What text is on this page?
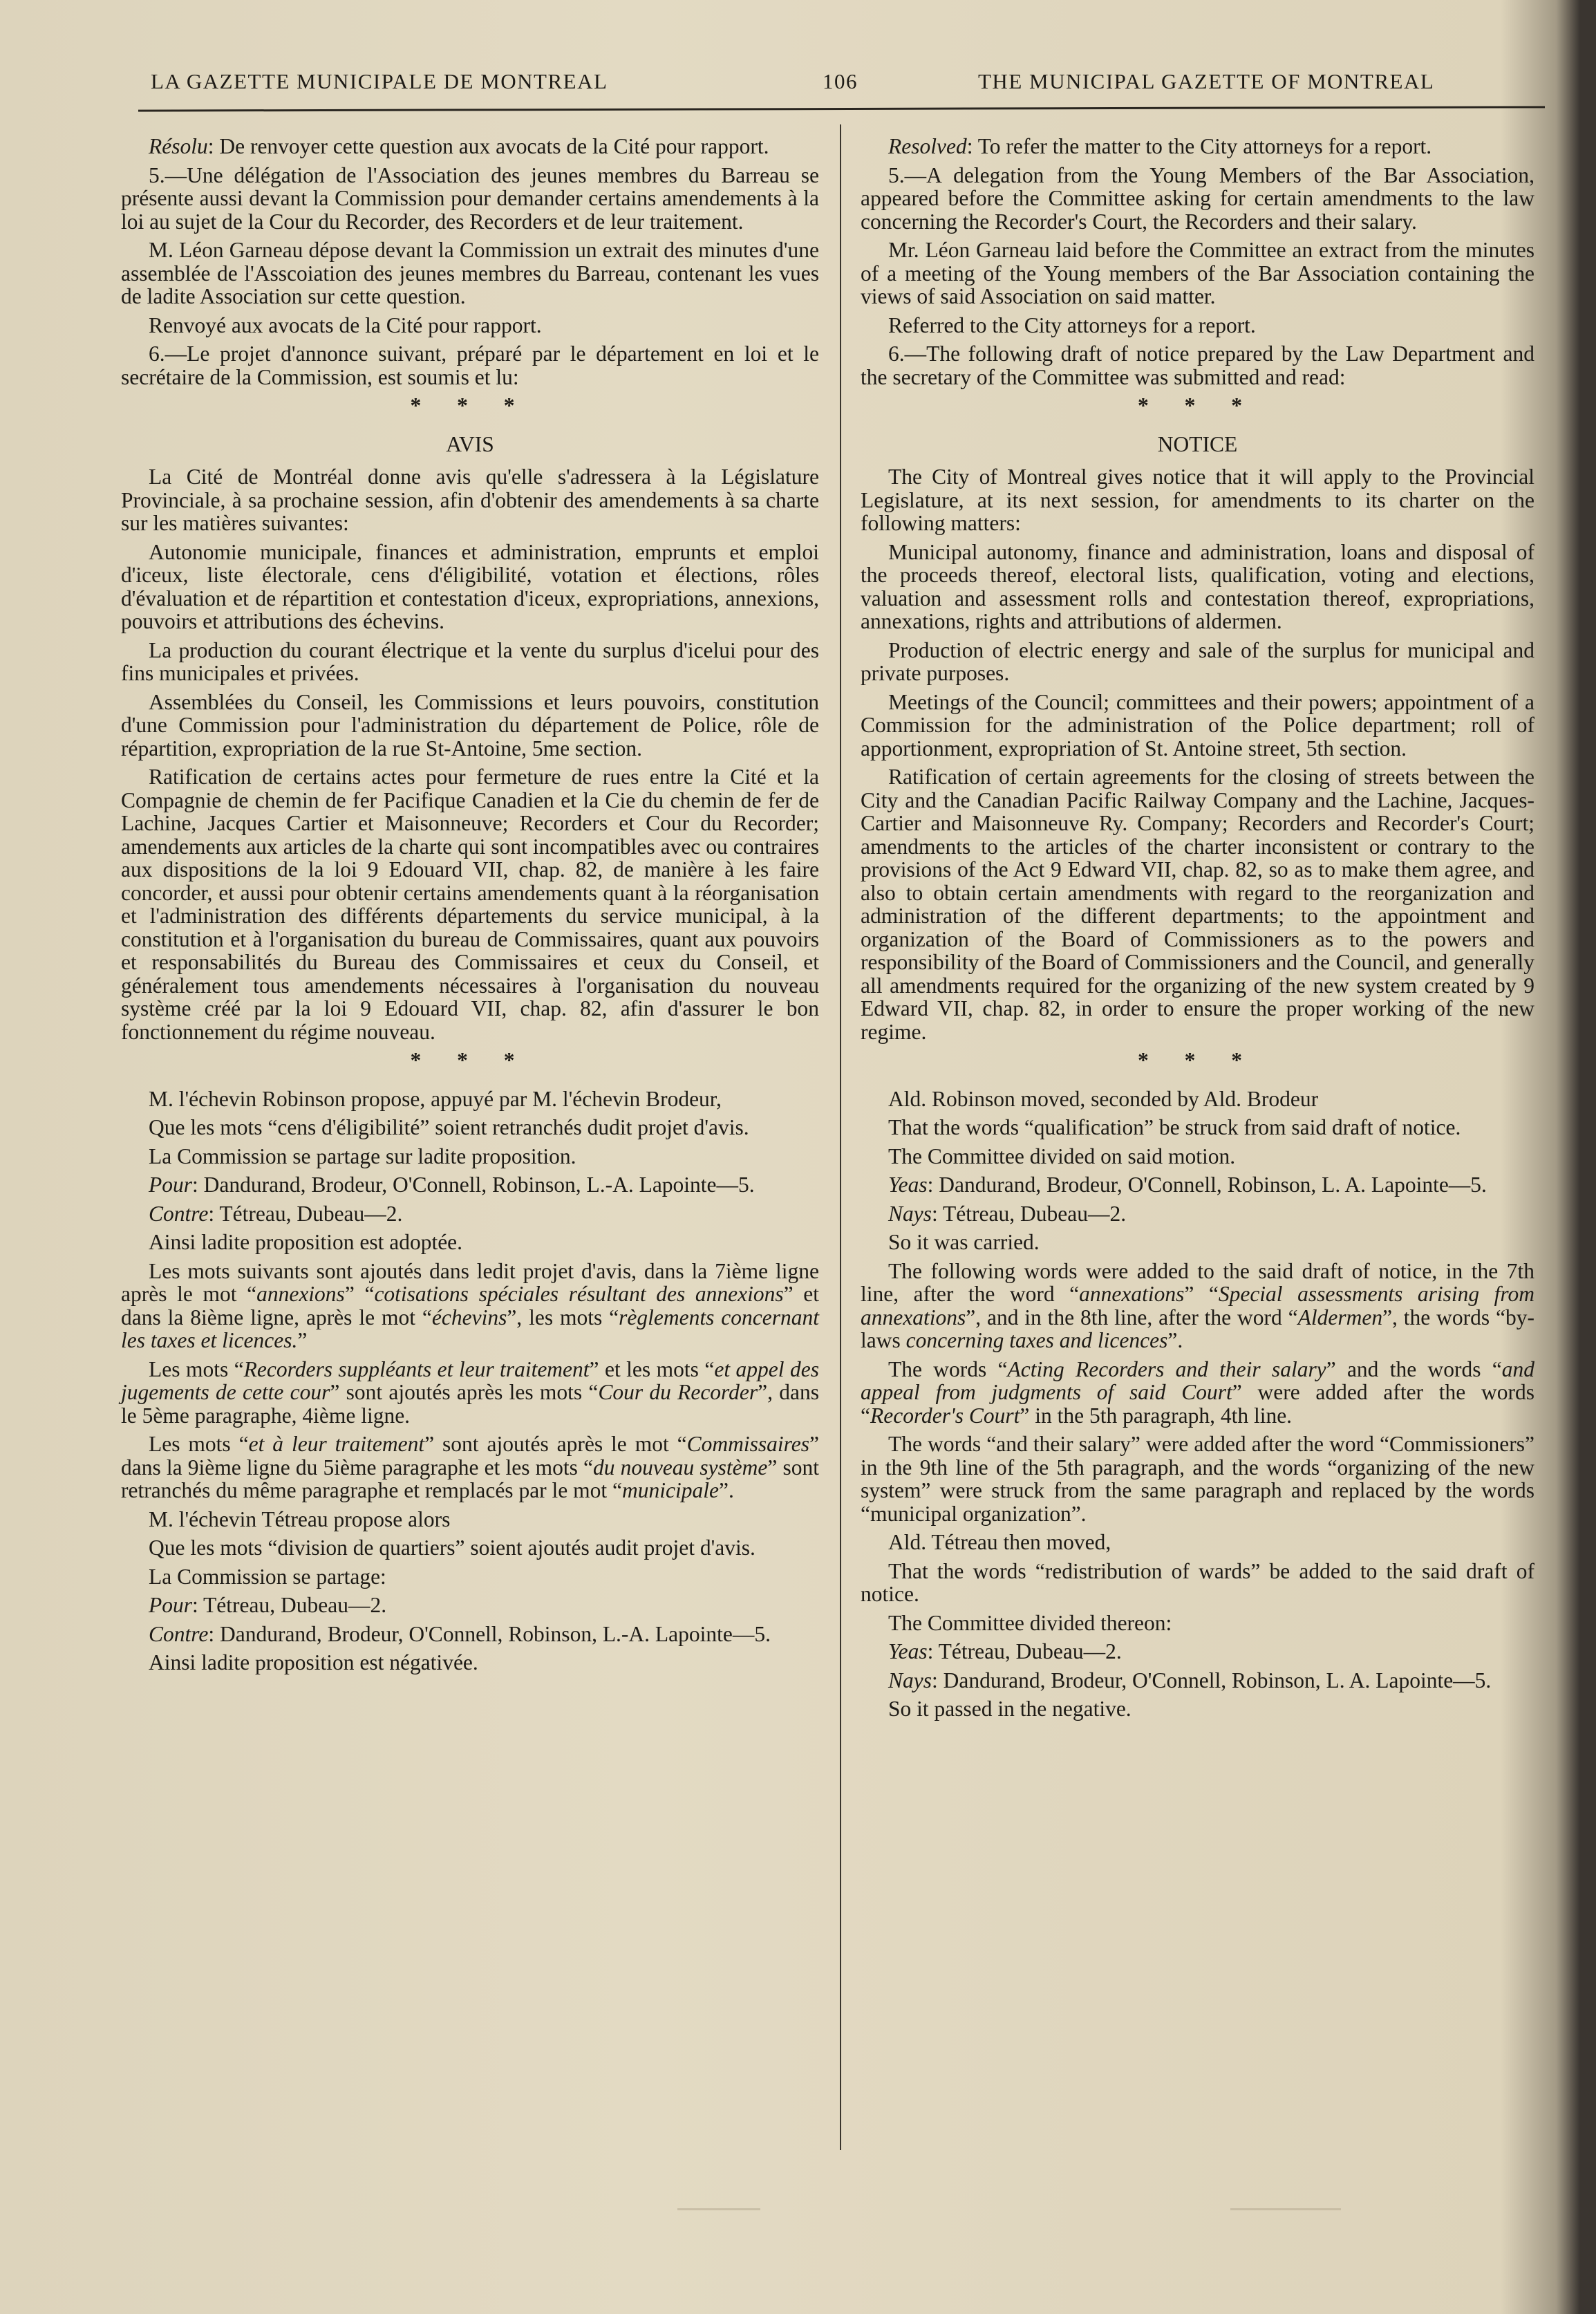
LA GAZETTE MUNICIPALE DE MONTREAL	106	THE MUNICIPAL GAZETTE OF MONTREAL

Résolu: De renvoyer cette question aux avocats de la Cité pour rapport.

5.—Une délégation de l'Association des jeunes membres du Barreau se présente aussi devant la Commission pour demander certains amendements à la loi au sujet de la Cour du Recorder, des Recorders et de leur traitement.

M. Léon Garneau dépose devant la Commission un extrait des minutes d'une assemblée de l'Asscoiation des jeunes membres du Barreau, contenant les vues de ladite Association sur cette question.

Renvoyé aux avocats de la Cité pour rapport.

6.—Le projet d'annonce suivant, préparé par le département en loi et le secrétaire de la Commission, est soumis et lu:

* * *

AVIS

La Cité de Montréal donne avis qu'elle s'adressera à la Législature Provinciale, à sa prochaine session, afin d'obtenir des amendements à sa charte sur les matières suivantes:

Autonomie municipale, finances et administration, emprunts et emploi d'iceux, liste électorale, cens d'éligibilité, votation et élections, rôles d'évaluation et de répartition et contestation d'iceux, expropriations, annexions, pouvoirs et attributions des échevins.

La production du courant électrique et la vente du surplus d'icelui pour des fins municipales et privées.

Assemblées du Conseil, les Commissions et leurs pouvoirs, constitution d'une Commission pour l'administration du département de Police, rôle de répartition, expropriation de la rue St-Antoine, 5me section.

Ratification de certains actes pour fermeture de rues entre la Cité et la Compagnie de chemin de fer Pacifique Canadien et la Cie du chemin de fer de Lachine, Jacques Cartier et Maisonneuve; Recorders et Cour du Recorder; amendements aux articles de la charte qui sont incompatibles avec ou contraires aux dispositions de la loi 9 Edouard VII, chap. 82, de manière à les faire concorder, et aussi pour obtenir certains amendements quant à la réorganisation et l'administration des différents départements du service municipal, à la constitution et à l'organisation du bureau de Commissaires, quant aux pouvoirs et responsabilités du Bureau des Commissaires et ceux du Conseil, et généralement tous amendements nécessaires à l'organisation du nouveau système créé par la loi 9 Edouard VII, chap. 82, afin d'assurer le bon fonctionnement du régime nouveau.

* * *

M. l'échevin Robinson propose, appuyé par M. l'échevin Brodeur,

Que les mots “cens d'éligibilité” soient retranchés dudit projet d'avis.

La Commission se partage sur ladite proposition.

Pour: Dandurand, Brodeur, O'Connell, Robinson, L.-A. Lapointe—5.

Contre: Tétreau, Dubeau—2.

Ainsi ladite proposition est adoptée.

Les mots suivants sont ajoutés dans ledit projet d'avis, dans la 7ième ligne après le mot “annexions” “cotisations spéciales résultant des annexions” et dans la 8ième ligne, après le mot “échevins”, les mots “règlements concernant les taxes et licences.”

Les mots “Recorders suppléants et leur traitement” et les mots “et appel des jugements de cette cour” sont ajoutés après les mots “Cour du Recorder”, dans le 5ème paragraphe, 4ième ligne.

Les mots “et à leur traitement” sont ajoutés après le mot “Commissaires” dans la 9ième ligne du 5ième paragraphe et les mots “du nouveau système” sont retranchés du même paragraphe et remplacés par le mot “municipale”.

M. l'échevin Tétreau propose alors

Que les mots “division de quartiers” soient ajoutés audit projet d'avis.

La Commission se partage:

Pour: Tétreau, Dubeau—2.

Contre: Dandurand, Brodeur, O'Connell, Robinson, L.-A. Lapointe—5.

Ainsi ladite proposition est négativée.

Resolved: To refer the matter to the City attorneys for a report.

5.—A delegation from the Young Members of the Bar Association, appeared before the Committee asking for certain amendments to the law concerning the Recorder's Court, the Recorders and their salary.

Mr. Léon Garneau laid before the Committee an extract from the minutes of a meeting of the Young members of the Bar Association containing the views of said Association on said matter.

Referred to the City attorneys for a report.

6.—The following draft of notice prepared by the Law Department and the secretary of the Committee was submitted and read:

* * *

NOTICE

The City of Montreal gives notice that it will apply to the Provincial Legislature, at its next session, for amendments to its charter on the following matters:

Municipal autonomy, finance and administration, loans and disposal of the proceeds thereof, electoral lists, qualification, voting and elections, valuation and assessment rolls and contestation thereof, expropriations, annexations, rights and attributions of aldermen.

Production of electric energy and sale of the surplus for municipal and private purposes.

Meetings of the Council; committees and their powers; appointment of a Commission for the administration of the Police department; roll of apportionment, expropriation of St. Antoine street, 5th section.

Ratification of certain agreements for the closing of streets between the City and the Canadian Pacific Railway Company and the Lachine, Jacques-Cartier and Maisonneuve Ry. Company; Recorders and Recorder's Court; amendments to the articles of the charter inconsistent or contrary to the provisions of the Act 9 Edward VII, chap. 82, so as to make them agree, and also to obtain certain amendments with regard to the reorganization and administration of the different departments; to the appointment and organization of the Board of Commissioners as to the powers and responsibility of the Board of Commissioners and the Council, and generally all amendments required for the organizing of the new system created by 9 Edward VII, chap. 82, in order to ensure the proper working of the new regime.

* * *

Ald. Robinson moved, seconded by Ald. Brodeur

That the words “qualification” be struck from said draft of notice.

The Committee divided on said motion.

Yeas: Dandurand, Brodeur, O'Connell, Robinson, L. A. Lapointe—5.

Nays: Tétreau, Dubeau—2.

So it was carried.

The following words were added to the said draft of notice, in the 7th line, after the word “annexations” “Special assessments arising from annexations”, and in the 8th line, after the word “Aldermen”, the words “by-laws concerning taxes and licences”.

The words “Acting Recorders and their salary” and the words “and appeal from judgments of said Court” were added after the words “Recorder's Court” in the 5th paragraph, 4th line.

The words “and their salary” were added after the word “Commissioners” in the 9th line of the 5th paragraph, and the words “organizing of the new system” were struck from the same paragraph and replaced by the words “municipal organization”.

Ald. Tétreau then moved,

That the words “redistribution of wards” be added to the said draft of notice.

The Committee divided thereon:

Yeas: Tétreau, Dubeau—2.

Nays: Dandurand, Brodeur, O'Connell, Robinson, L. A. Lapointe—5.

So it passed in the negative.
